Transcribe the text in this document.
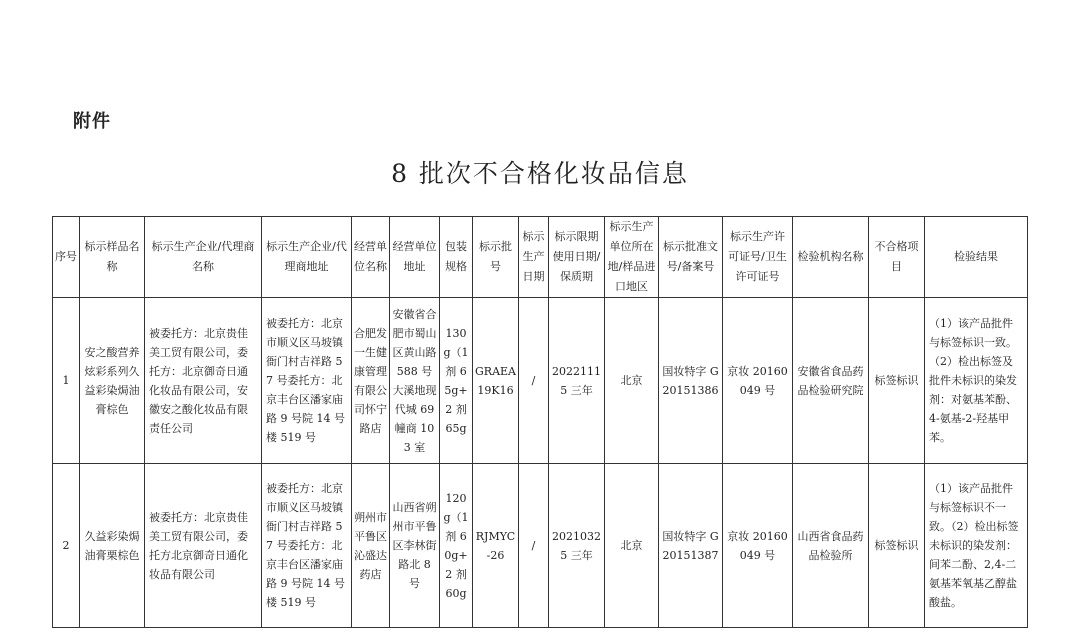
附件
8 批次不合格化妆品信息
序号	标示样品名称	标示生产企业/代理商名称	标示生产企业/代理商地址	经营单位名称	经营单位地址	包装规格	标示批号	标示生产日期	标示限期使用日期/保质期	标示生产单位所在地/样品进口地区	标示批准文号/备案号	标示生产许可证号/卫生许可证号	检验机构名称	不合格项目	检验结果
1	安之酸营养炫彩系列久益彩染焗油膏棕色	被委托方：北京贵佳美工贸有限公司，委托方：北京御奇日通化妆品有限公司，安徽安之酸化妆品有限责任公司	被委托方：北京市顺义区马坡镇衙门村吉祥路 57 号委托方：北京丰台区潘家庙路 9 号院 14 号楼 519 号	合肥发一生健康管理有限公司怀宁路店	安徽省合肥市蜀山区黄山路 588 号大溪地现代城 69 幢商 103 室	130g（1 剂 65g+2 剂 65g	GRAEA19K16	/	20221115 三年	北京	国妆特字 G20151386	京妆 20160049 号	安徽省食品药品检验研究院	标签标识	（1）该产品批件与标签标识一致。（2）检出标签及批件未标识的染发剂：对氨基苯酚、4-氨基-2-羟基甲苯。
2	久益彩染焗油膏栗棕色	被委托方：北京贵佳美工贸有限公司，委托方北京御奇日通化妆品有限公司	被委托方：北京市顺义区马坡镇衙门村吉祥路 57 号委托方：北京丰台区潘家庙路 9 号院 14 号楼 519 号	朔州市平鲁区沁盛达药店	山西省朔州市平鲁区李林街路北 8 号	120g（1 剂 60g+2 剂 60g	RJMYC-26	/	20210325 三年	北京	国妆特字 G20151387	京妆 20160049 号	山西省食品药品检验所	标签标识	（1）该产品批件与标签标识不一致。（2）检出标签未标识的染发剂：间苯二酚、2,4-二氨基苯氧基乙醇盐酸盐。
